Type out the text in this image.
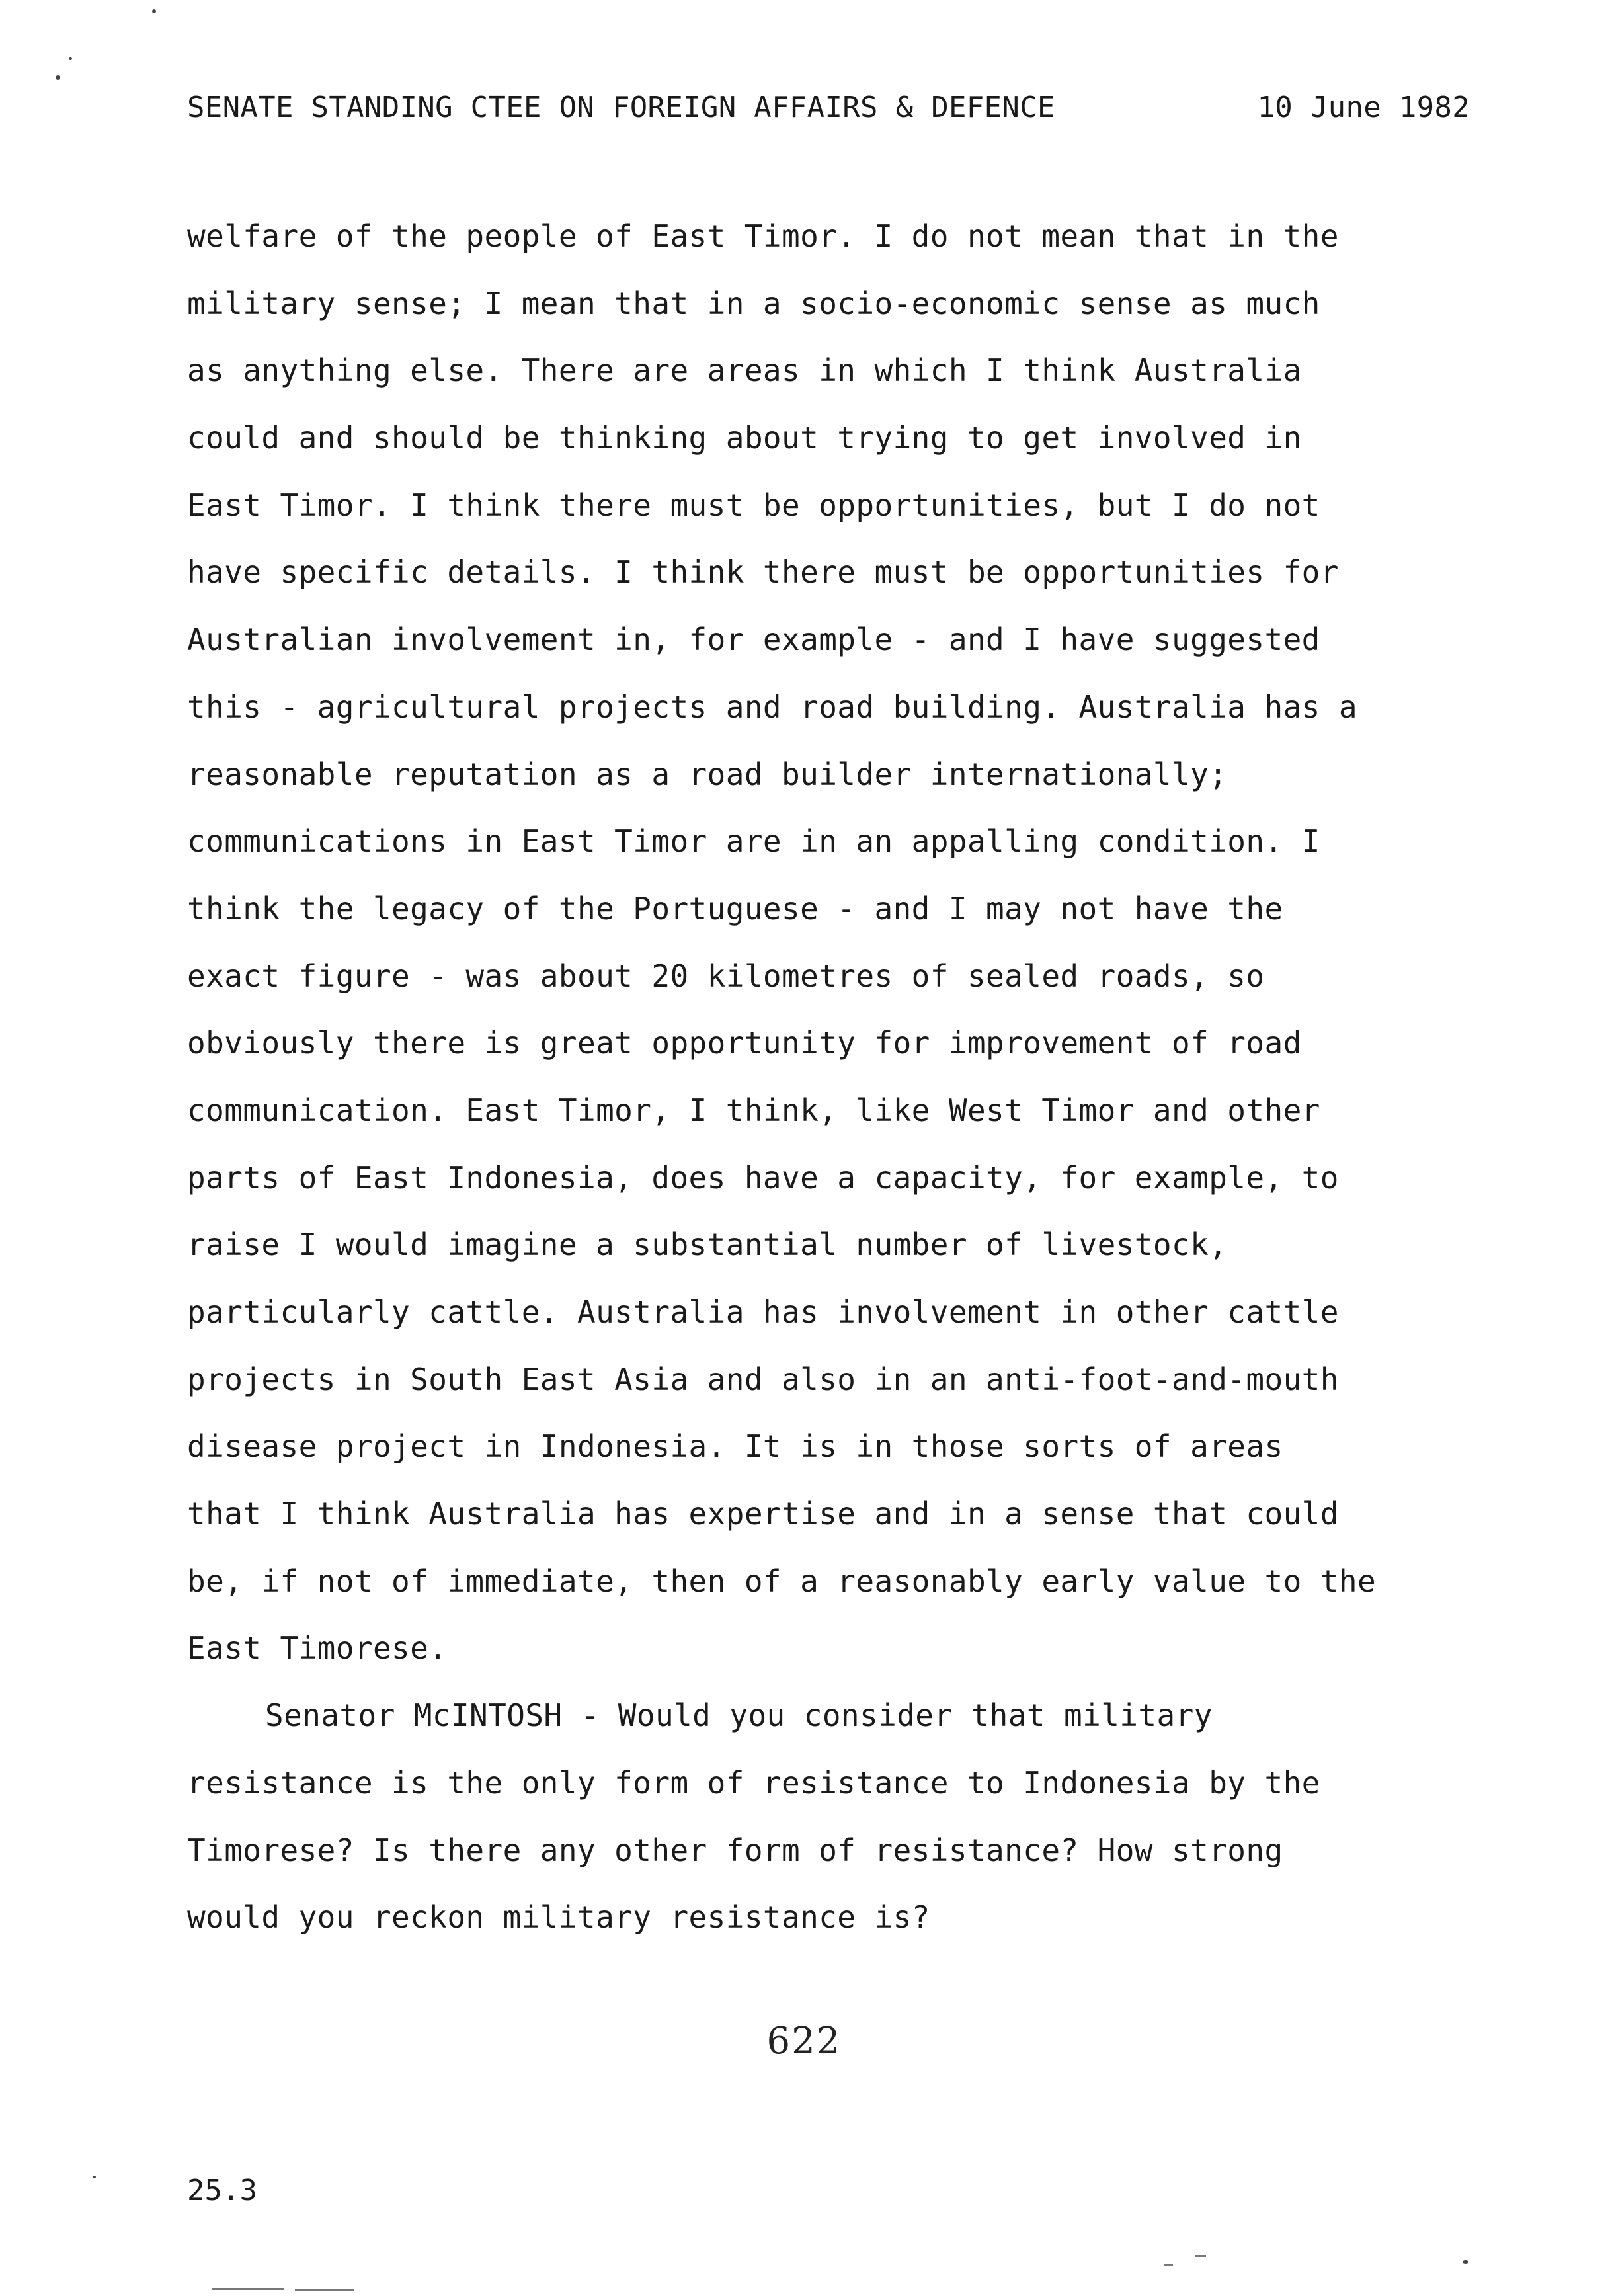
SENATE STANDING CTEE ON FOREIGN AFFAIRS & DEFENCE	10 June 1982
welfare of the people of East Timor. I do not mean that in the
military sense; I mean that in a socio-economic sense as much
as anything else. There are areas in which I think Australia
could and should be thinking about trying to get involved in
East Timor. I think there must be opportunities, but I do not
have specific details. I think there must be opportunities for
Australian involvement in, for example - and I have suggested
this - agricultural projects and road building. Australia has a
reasonable reputation as a road builder internationally;
communications in East Timor are in an appalling condition. I
think the legacy of the Portuguese - and I may not have the
exact figure - was about 20 kilometres of sealed roads, so
obviously there is great opportunity for improvement of road
communication. East Timor, I think, like West Timor and other
parts of East Indonesia, does have a capacity, for example, to
raise I would imagine a substantial number of livestock,
particularly cattle. Australia has involvement in other cattle
projects in South East Asia and also in an anti-foot-and-mouth
disease project in Indonesia. It is in those sorts of areas
that I think Australia has expertise and in a sense that could
be, if not of immediate, then of a reasonably early value to the
East Timorese.
Senator McINTOSH - Would you consider that military
resistance is the only form of resistance to Indonesia by the
Timorese? Is there any other form of resistance? How strong
would you reckon military resistance is?
622
25.3
